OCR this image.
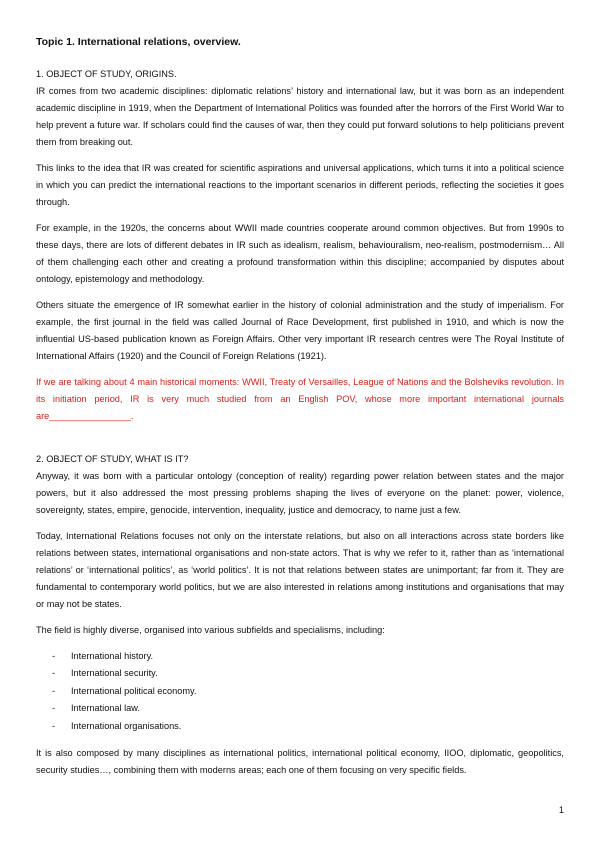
Topic 1. International relations, overview.

1. OBJECT OF STUDY, ORIGINS.

IR comes from two academic disciplines: diplomatic relations’ history and international law, but it was born as an independent academic discipline in 1919, when the Department of International Politics was founded after the horrors of the First World War to help prevent a future war. If scholars could find the causes of war, then they could put forward solutions to help politicians prevent them from breaking out.

This links to the idea that IR was created for scientific aspirations and universal applications, which turns it into a political science in which you can predict the international reactions to the important scenarios in different periods, reflecting the societies it goes through.

For example, in the 1920s, the concerns about WWII made countries cooperate around common objectives. But from 1990s to these days, there are lots of different debates in IR such as idealism, realism, behaviouralism, neo-realism, postmodernism… All of them challenging each other and creating a profound transformation within this discipline; accompanied by disputes about ontology, epistemology and methodology.

Others situate the emergence of IR somewhat earlier in the history of colonial administration and the study of imperialism. For example, the first journal in the field was called Journal of Race Development, first published in 1910, and which is now the influential US-based publication known as Foreign Affairs. Other very important IR research centres were The Royal Institute of International Affairs (1920) and the Council of Foreign Relations (1921).

If we are talking about 4 main historical moments: WWII, Treaty of Versailles, League of Nations and the Bolsheviks revolution. In its initiation period, IR is very much studied from an English POV, whose more important international journals are________________.

2. OBJECT OF STUDY, WHAT IS IT?

Anyway, it was born with a particular ontology (conception of reality) regarding power relation between states and the major powers, but it also addressed the most pressing problems shaping the lives of everyone on the planet: power, violence, sovereignty, states, empire, genocide, intervention, inequality, justice and democracy, to name just a few.

Today, International Relations focuses not only on the interstate relations, but also on all interactions across state borders like relations between states, international organisations and non-state actors. That is why we refer to it, rather than as ‘international relations’ or ‘international politics’, as ‘world politics’. It is not that relations between states are unimportant; far from it. They are fundamental to contemporary world politics, but we are also interested in relations among institutions and organisations that may or may not be states.

The field is highly diverse, organised into various subfields and specialisms, including:

- International history.
- International security.
- International political economy.
- International law.
- International organisations.

It is also composed by many disciplines as international politics, international political economy, IIOO, diplomatic, geopolitics, security studies…, combining them with moderns areas; each one of them focusing on very specific fields.

1
